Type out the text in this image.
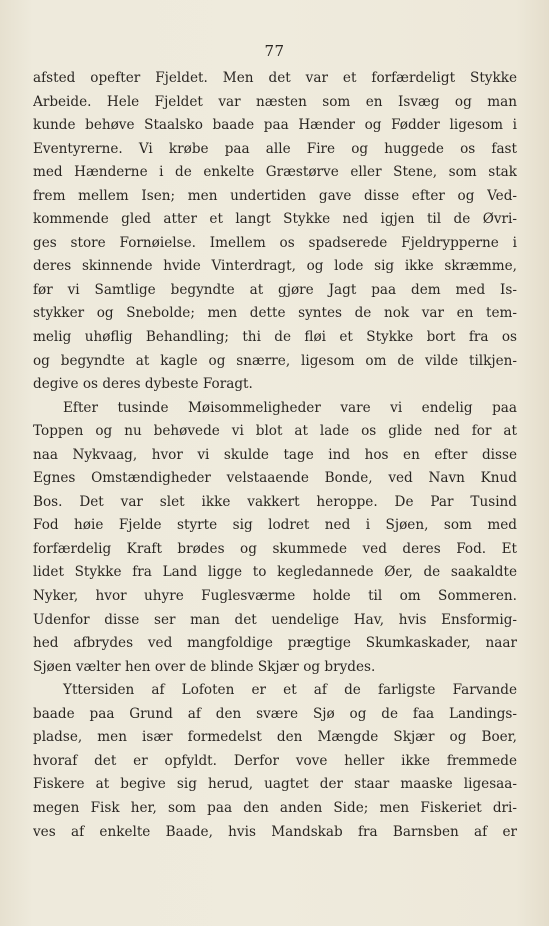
77
afsted opefter Fjeldet. Men det var et forfærdeligt Stykke
Arbeide. Hele Fjeldet var næsten som en Isvæg og man
kunde behøve Staalsko baade paa Hænder og Fødder ligesom i
Eventyrerne. Vi krøbe paa alle Fire og huggede os fast
med Hænderne i de enkelte Græstørve eller Stene, som stak
frem mellem Isen; men undertiden gave disse efter og Ved-
kommende gled atter et langt Stykke ned igjen til de Øvri-
ges store Fornøielse. Imellem os spadserede Fjeldrypperne i
deres skinnende hvide Vinterdragt, og lode sig ikke skræmme,
før vi Samtlige begyndte at gjøre Jagt paa dem med Is-
stykker og Snebolde; men dette syntes de nok var en tem-
melig uhøflig Behandling; thi de fløi et Stykke bort fra os
og begyndte at kagle og snærre, ligesom om de vilde tilkjen-
degive os deres dybeste Foragt.
Efter tusinde Møisommeligheder vare vi endelig paa
Toppen og nu behøvede vi blot at lade os glide ned for at
naa Nykvaag, hvor vi skulde tage ind hos en efter disse
Egnes Omstændigheder velstaaende Bonde, ved Navn Knud
Bos. Det var slet ikke vakkert heroppe. De Par Tusind
Fod høie Fjelde styrte sig lodret ned i Sjøen, som med
forfærdelig Kraft brødes og skummede ved deres Fod. Et
lidet Stykke fra Land ligge to kegledannede Øer, de saakaldte
Nyker, hvor uhyre Fuglesværme holde til om Sommeren.
Udenfor disse ser man det uendelige Hav, hvis Ensformig-
hed afbrydes ved mangfoldige prægtige Skumkaskader, naar
Sjøen vælter hen over de blinde Skjær og brydes.
Yttersiden af Lofoten er et af de farligste Farvande
baade paa Grund af den svære Sjø og de faa Landings-
pladse, men især formedelst den Mængde Skjær og Boer,
hvoraf det er opfyldt. Derfor vove heller ikke fremmede
Fiskere at begive sig herud, uagtet der staar maaske ligesaa-
megen Fisk her, som paa den anden Side; men Fiskeriet dri-
ves af enkelte Baade, hvis Mandskab fra Barnsben af er
